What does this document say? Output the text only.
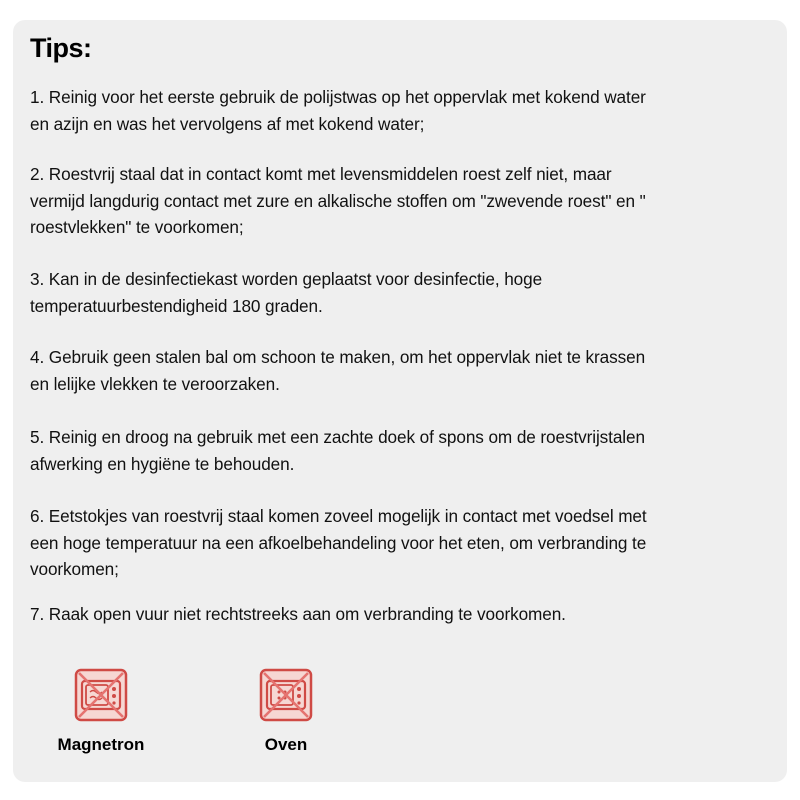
Tips:

1. Reinig voor het eerste gebruik de polijstwas op het oppervlak met kokend water
en azijn en was het vervolgens af met kokend water;

2. Roestvrij staal dat in contact komt met levensmiddelen roest zelf niet, maar
vermijd langdurig contact met zure en alkalische stoffen om "zwevende roest" en "
roestvlekken" te voorkomen;

3. Kan in de desinfectiekast worden geplaatst voor desinfectie, hoge
temperatuurbestendigheid 180 graden.

4. Gebruik geen stalen bal om schoon te maken, om het oppervlak niet te krassen
en lelijke vlekken te veroorzaken.

5. Reinig en droog na gebruik met een zachte doek of spons om de roestvrijstalen
afwerking en hygiëne te behouden.

6. Eetstokjes van roestvrij staal komen zoveel mogelijk in contact met voedsel met
een hoge temperatuur na een afkoelbehandeling voor het eten, om verbranding te
voorkomen;

7. Raak open vuur niet rechtstreeks aan om verbranding te voorkomen.

Magnetron	Oven
